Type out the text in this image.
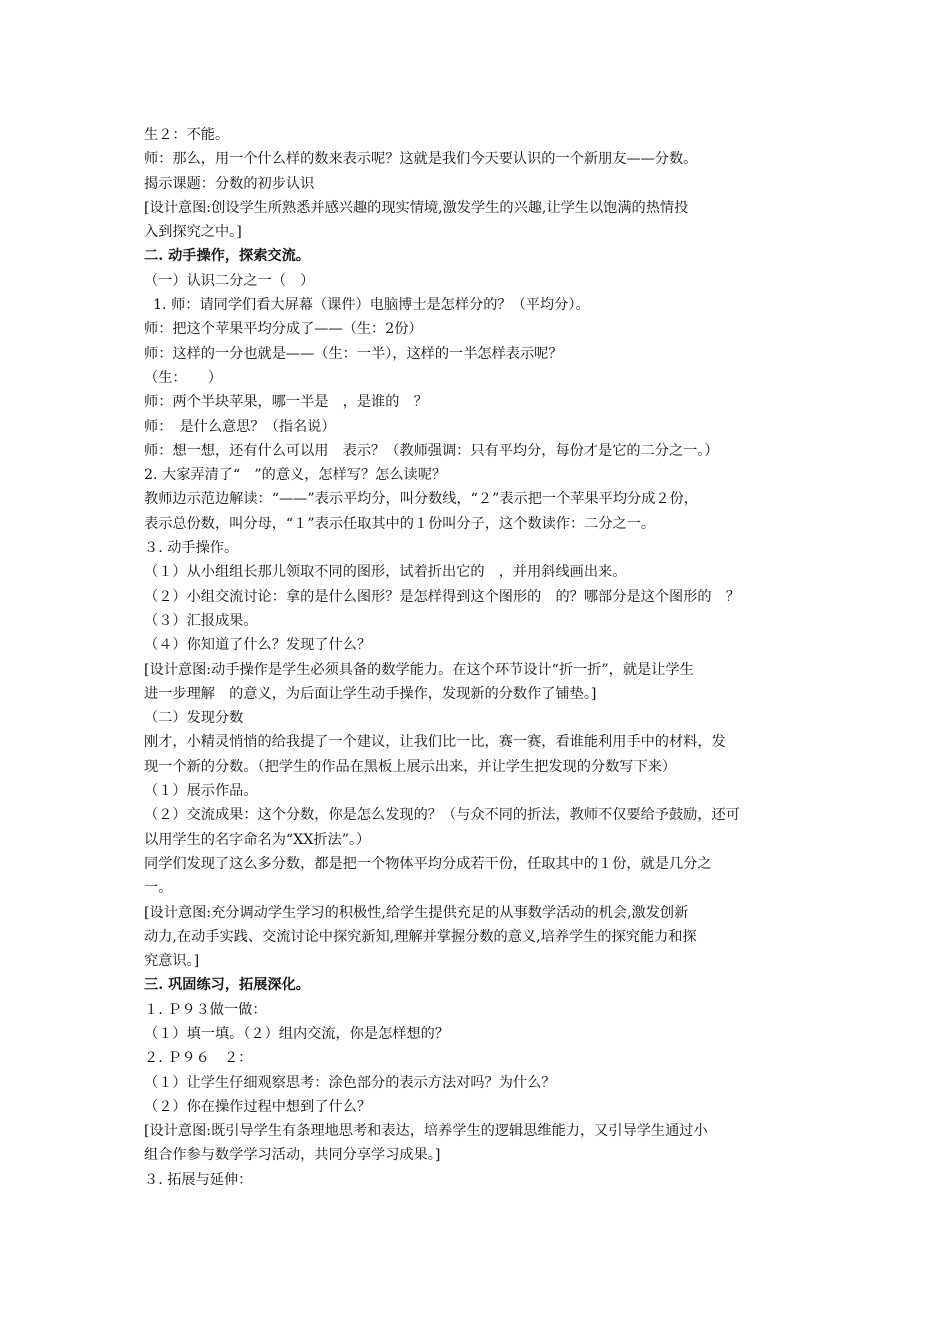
生２：不能。
师：那么，用一个什么样的数来表示呢？这就是我们今天要认识的一个新朋友——分数。
揭示课题：分数的初步认识
[设计意图:创设学生所熟悉并感兴趣的现实情境,激发学生的兴趣,让学生以饱满的热情投
入到探究之中。]
二. 动手操作，探索交流。
（一）认识二分之一（　）
1. 师：请同学们看大屏幕（课件）电脑博士是怎样分的？（平均分）。
师：把这个苹果平均分成了——（生：2份）
师：这样的一分也就是——（生：一半），这样的一半怎样表示呢？
（生：　　）
师：两个半块苹果，哪一半是　，是谁的　？
师：　是什么意思？（指名说）
师：想一想，还有什么可以用　表示？（教师强调：只有平均分，每份才是它的二分之一。）
2. 大家弄清了“　”的意义，怎样写？怎么读呢？
教师边示范边解读：“——”表示平均分，叫分数线，“２”表示把一个苹果平均分成２份，
表示总份数，叫分母，“１”表示任取其中的１份叫分子，这个数读作：二分之一。
３. 动手操作。
（１）从小组组长那儿领取不同的图形，试着折出它的　，并用斜线画出来。
（２）小组交流讨论：拿的是什么图形？是怎样得到这个图形的　的？哪部分是这个图形的　？
（３）汇报成果。
（４）你知道了什么？发现了什么？
[设计意图:动手操作是学生必须具备的数学能力。在这个环节设计“折一折”，就是让学生
进一步理解　的意义，为后面让学生动手操作，发现新的分数作了铺垫。]
（二）发现分数
刚才，小精灵悄悄的给我提了一个建议，让我们比一比，赛一赛，看谁能利用手中的材料，发
现一个新的分数。（把学生的作品在黑板上展示出来，并让学生把发现的分数写下来）
（１）展示作品。
（２）交流成果：这个分数，你是怎么发现的？（与众不同的折法，教师不仅要给予鼓励，还可
以用学生的名字命名为“XX折法”。）
同学们发现了这么多分数，都是把一个物体平均分成若干份，任取其中的１份，就是几分之
一。
[设计意图:充分调动学生学习的积极性,给学生提供充足的从事数学活动的机会,激发创新
动力,在动手实践、交流讨论中探究新知,理解并掌握分数的意义,培养学生的探究能力和探
究意识。]
三. 巩固练习，拓展深化。
１. Ｐ９３做一做：
（１）填一填。（２）组内交流，你是怎样想的？
２. Ｐ９６　２：
（１）让学生仔细观察思考：涂色部分的表示方法对吗？为什么？
（２）你在操作过程中想到了什么？
[设计意图:既引导学生有条理地思考和表达，培养学生的逻辑思维能力，又引导学生通过小
组合作参与数学学习活动，共同分享学习成果。]
３. 拓展与延伸：
